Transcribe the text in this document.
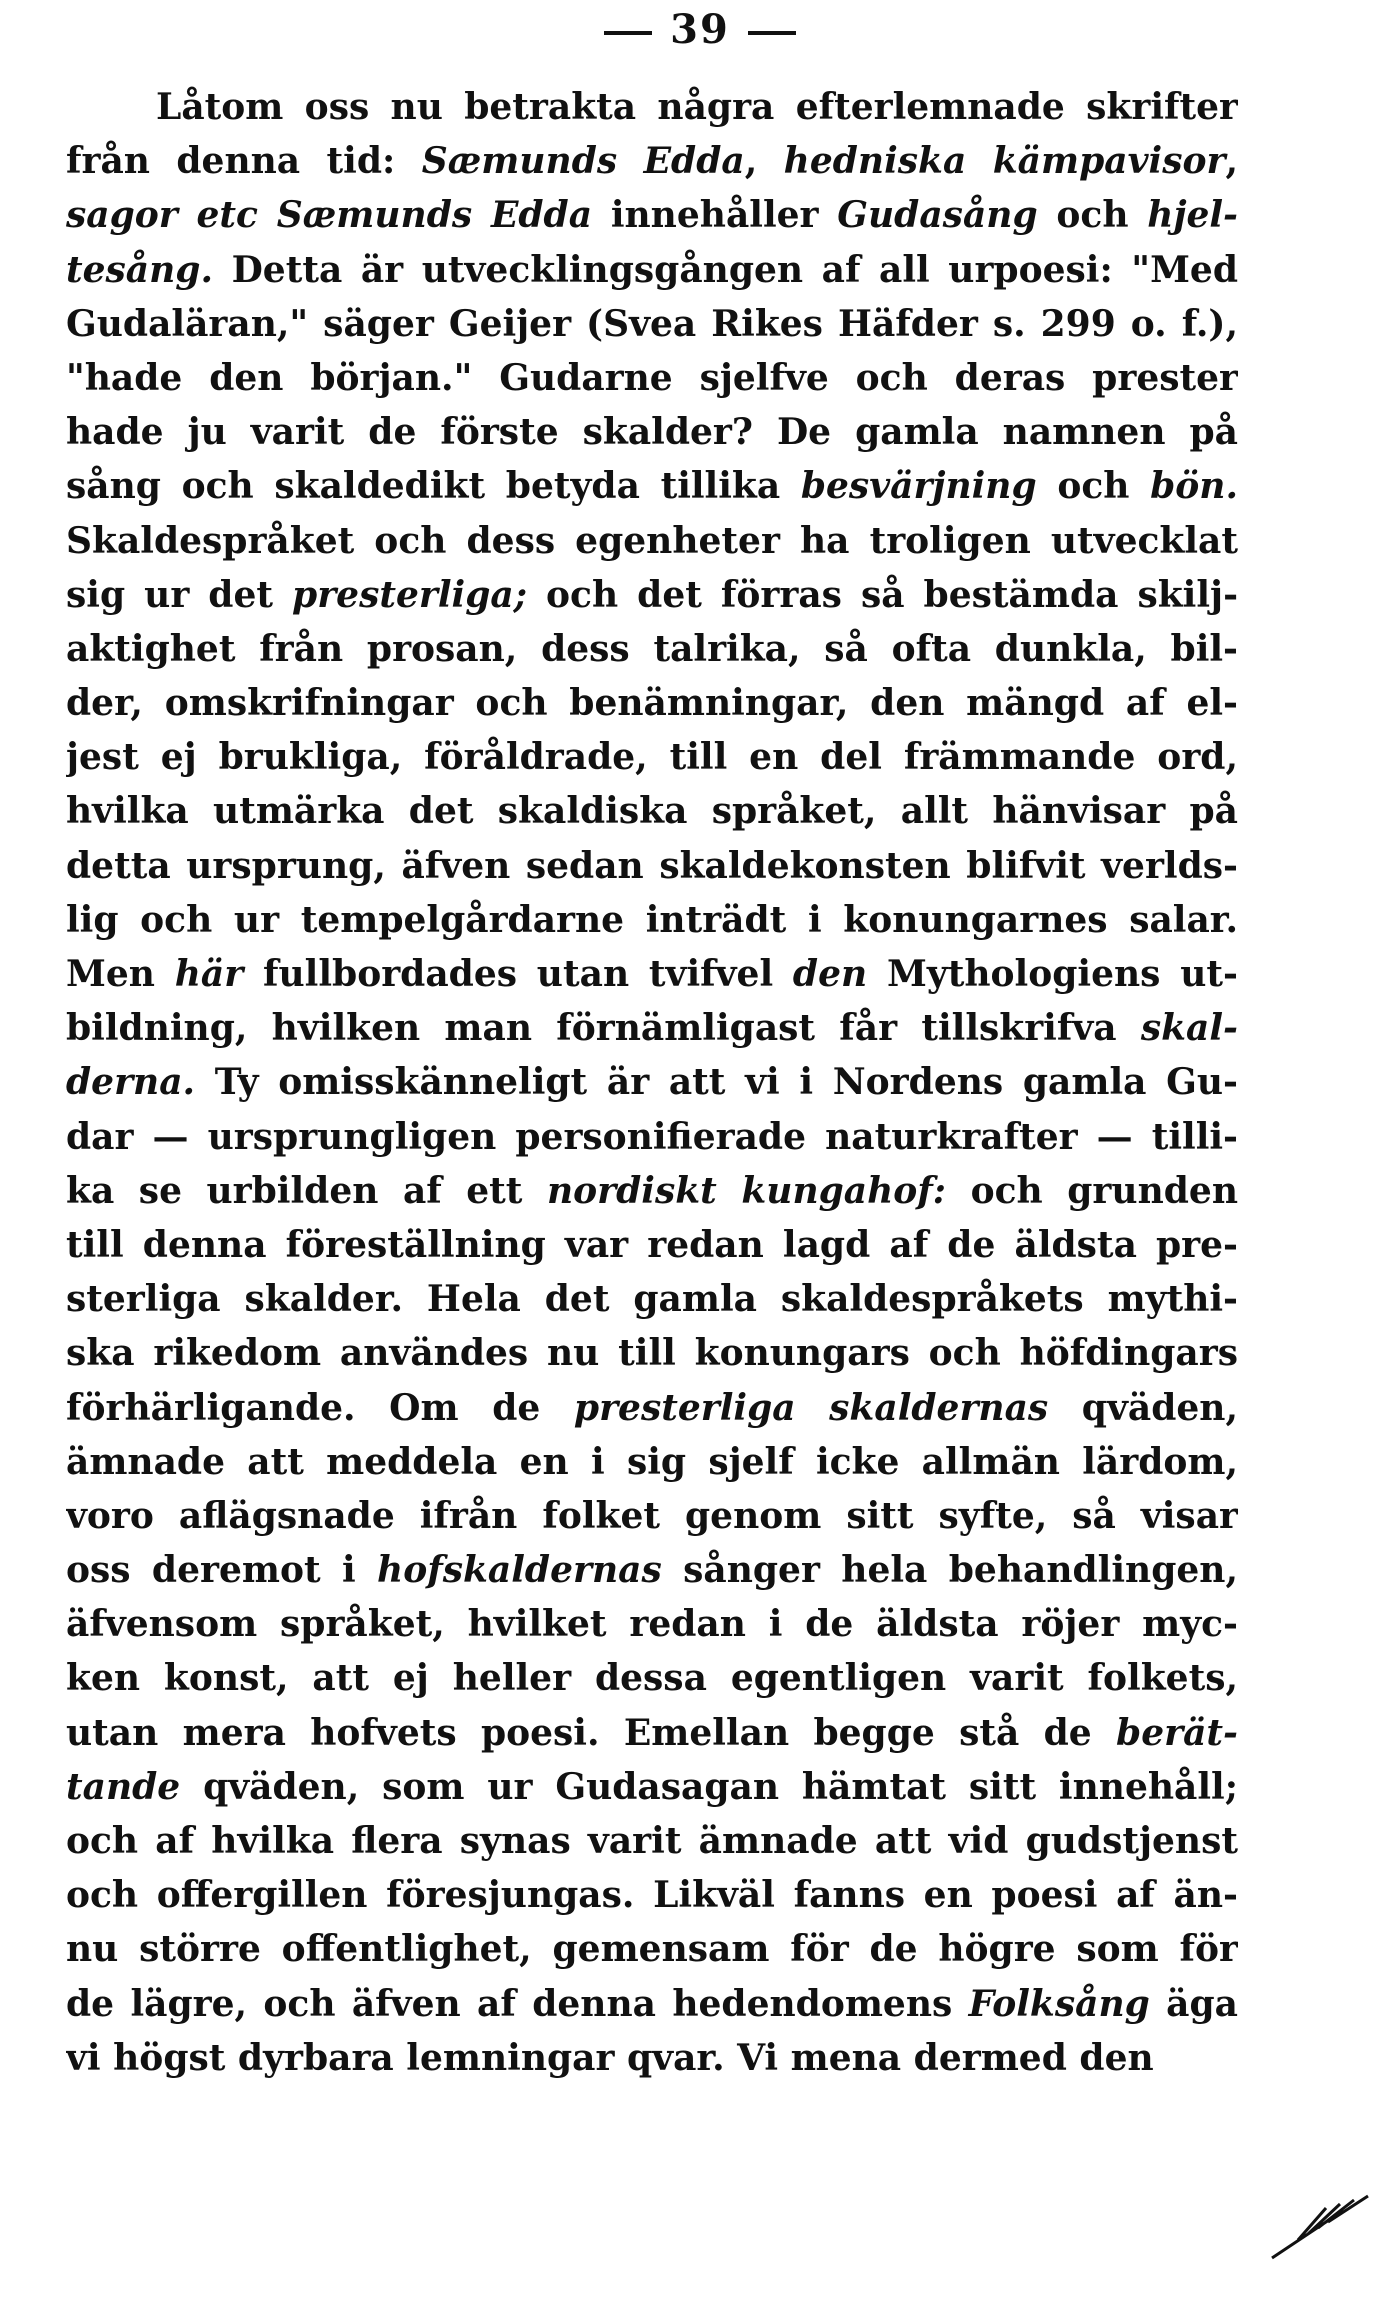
39
Låtom oss nu betrakta några efterlemnade skrifter
från denna tid: Sæmunds Edda, hedniska kämpavisor,
sagor etc Sæmunds Edda innehåller Gudasång och hjel-
tesång. Detta är utvecklingsgången af all urpoesi: "Med
Gudaläran," säger Geijer (Svea Rikes Häfder s. 299 o. f.),
"hade den början." Gudarne sjelfve och deras prester
hade ju varit de förste skalder? De gamla namnen på
sång och skaldedikt betyda tillika besvärjning och bön.
Skaldespråket och dess egenheter ha troligen utvecklat
sig ur det presterliga; och det förras så bestämda skilj-
aktighet från prosan, dess talrika, så ofta dunkla, bil-
der, omskrifningar och benämningar, den mängd af el-
jest ej brukliga, föråldrade, till en del främmande ord,
hvilka utmärka det skaldiska språket, allt hänvisar på
detta ursprung, äfven sedan skaldekonsten blifvit verlds-
lig och ur tempelgårdarne inträdt i konungarnes salar.
Men här fullbordades utan tvifvel den Mythologiens ut-
bildning, hvilken man förnämligast får tillskrifva skal-
derna. Ty omisskänneligt är att vi i Nordens gamla Gu-
dar — ursprungligen personifierade naturkrafter — tilli-
ka se urbilden af ett nordiskt kungahof: och grunden
till denna föreställning var redan lagd af de äldsta pre-
sterliga skalder. Hela det gamla skaldespråkets mythi-
ska rikedom användes nu till konungars och höfdingars
förhärligande. Om de presterliga skaldernas qväden,
ämnade att meddela en i sig sjelf icke allmän lärdom,
voro aflägsnade ifrån folket genom sitt syfte, så visar
oss deremot i hofskaldernas sånger hela behandlingen,
äfvensom språket, hvilket redan i de äldsta röjer myc-
ken konst, att ej heller dessa egentligen varit folkets,
utan mera hofvets poesi. Emellan begge stå de berät-
tande qväden, som ur Gudasagan hämtat sitt innehåll;
och af hvilka flera synas varit ämnade att vid gudstjenst
och offergillen föresjungas. Likväl fanns en poesi af än-
nu större offentlighet, gemensam för de högre som för
de lägre, och äfven af denna hedendomens Folksång äga
vi högst dyrbara lemningar qvar. Vi mena dermed den
